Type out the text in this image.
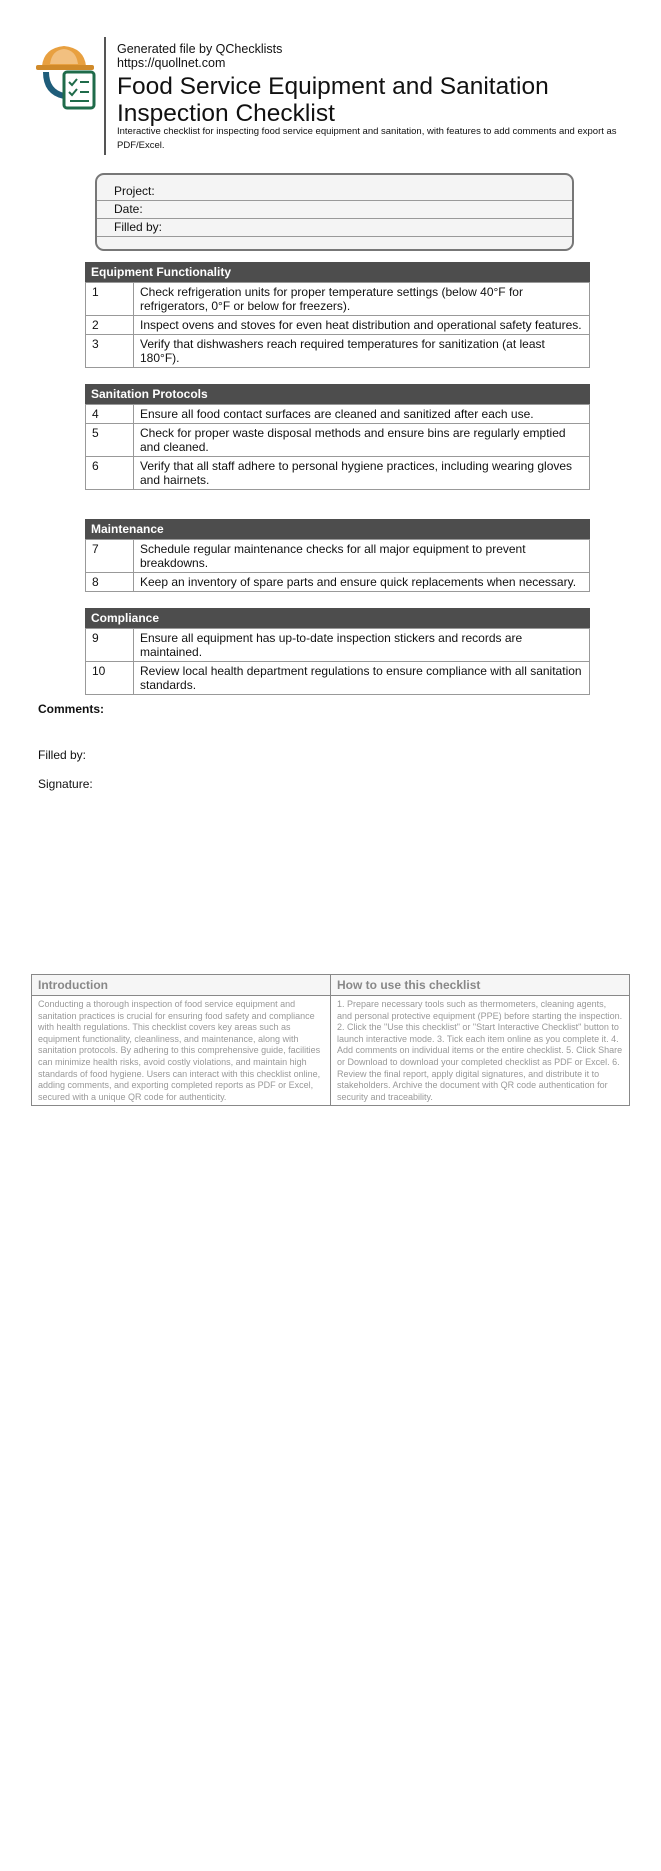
Generated file by QChecklists
https://quollnet.com
Food Service Equipment and Sanitation Inspection Checklist
Interactive checklist for inspecting food service equipment and sanitation, with features to add comments and export as PDF/Excel.
Project:
Date:
Filled by:
Equipment Functionality
1	Check refrigeration units for proper temperature settings (below 40°F for refrigerators, 0°F or below for freezers).
2	Inspect ovens and stoves for even heat distribution and operational safety features.
3	Verify that dishwashers reach required temperatures for sanitization (at least 180°F).
Sanitation Protocols
4	Ensure all food contact surfaces are cleaned and sanitized after each use.
5	Check for proper waste disposal methods and ensure bins are regularly emptied and cleaned.
6	Verify that all staff adhere to personal hygiene practices, including wearing gloves and hairnets.
Maintenance
7	Schedule regular maintenance checks for all major equipment to prevent breakdowns.
8	Keep an inventory of spare parts and ensure quick replacements when necessary.
Compliance
9	Ensure all equipment has up-to-date inspection stickers and records are maintained.
10	Review local health department regulations to ensure compliance with all sanitation standards.
Comments:
Filled by:
Signature:
Introduction	How to use this checklist
Conducting a thorough inspection of food service equipment and sanitation practices is crucial for ensuring food safety and compliance with health regulations. This checklist covers key areas such as equipment functionality, cleanliness, and maintenance, along with sanitation protocols. By adhering to this comprehensive guide, facilities can minimize health risks, avoid costly violations, and maintain high standards of food hygiene. Users can interact with this checklist online, adding comments, and exporting completed reports as PDF or Excel, secured with a unique QR code for authenticity.
1. Prepare necessary tools such as thermometers, cleaning agents, and personal protective equipment (PPE) before starting the inspection. 2. Click the "Use this checklist" or "Start Interactive Checklist" button to launch interactive mode. 3. Tick each item online as you complete it. 4. Add comments on individual items or the entire checklist. 5. Click Share or Download to download your completed checklist as PDF or Excel. 6. Review the final report, apply digital signatures, and distribute it to stakeholders. Archive the document with QR code authentication for security and traceability.
